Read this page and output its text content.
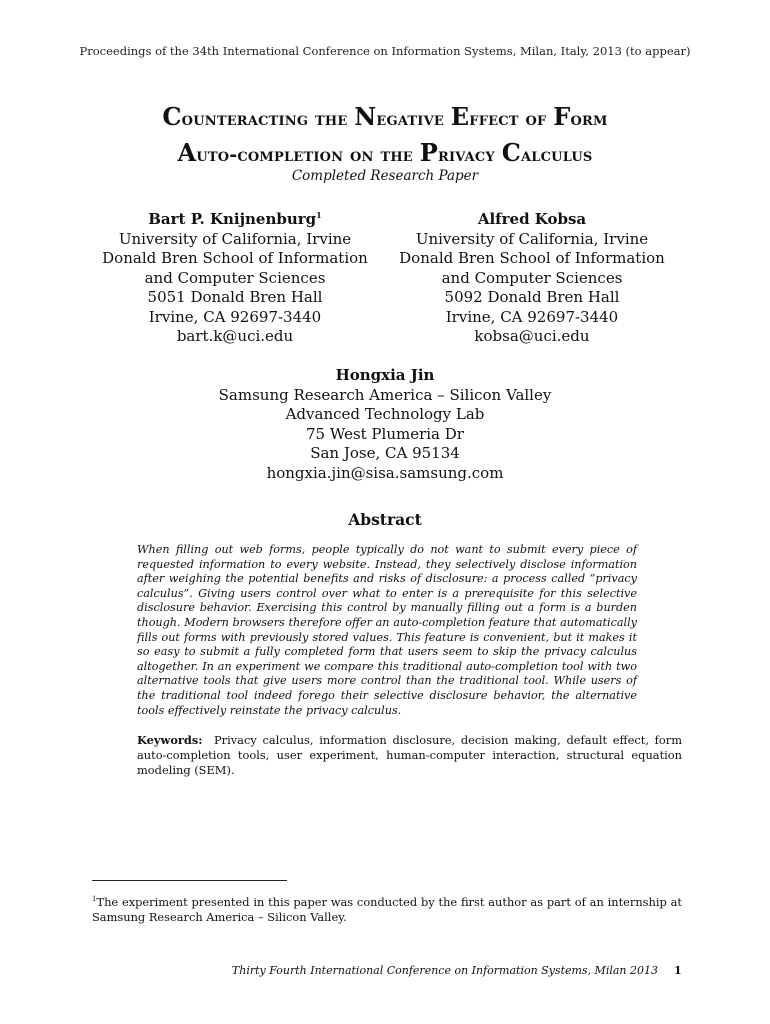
Proceedings of the 34th International Conference on Information Systems, Milan, Italy, 2013 (to appear)
Counteracting the Negative Effect of Form
Auto-completion on the Privacy Calculus
Completed Research Paper
Bart P. Knijnenburg$^1$
University of California, Irvine
Donald Bren School of Information
and Computer Sciences
5051 Donald Bren Hall
Irvine, CA 92697-3440
bart.k@uci.edu
Alfred Kobsa
University of California, Irvine
Donald Bren School of Information
and Computer Sciences
5092 Donald Bren Hall
Irvine, CA 92697-3440
kobsa@uci.edu
Hongxia Jin
Samsung Research America – Silicon Valley
Advanced Technology Lab
75 West Plumeria Dr
San Jose, CA 95134
hongxia.jin@sisa.samsung.com
Abstract
When filling out web forms, people typically do not want to submit every piece of requested information to every website. Instead, they selectively disclose information after weighing the potential benefits and risks of disclosure: a process called “privacy calculus”. Giving users control over what to enter is a prerequisite for this selective disclosure behavior. Exercising this control by manually filling out a form is a burden though. Modern browsers therefore offer an auto-completion feature that automatically fills out forms with previously stored values. This feature is convenient, but it makes it so easy to submit a fully completed form that users seem to skip the privacy calculus altogether. In an experiment we compare this traditional auto-completion tool with two alternative tools that give users more control than the traditional tool. While users of the traditional tool indeed forego their selective disclosure behavior, the alternative tools effectively reinstate the privacy calculus.
Keywords: Privacy calculus, information disclosure, decision making, default effect, form auto-completion tools, user experiment, human-computer interaction, structural equation modeling (SEM).
$^1$The experiment presented in this paper was conducted by the first author as part of an internship at Samsung Research America – Silicon Valley.
Thirty Fourth International Conference on Information Systems, Milan 2013 1
